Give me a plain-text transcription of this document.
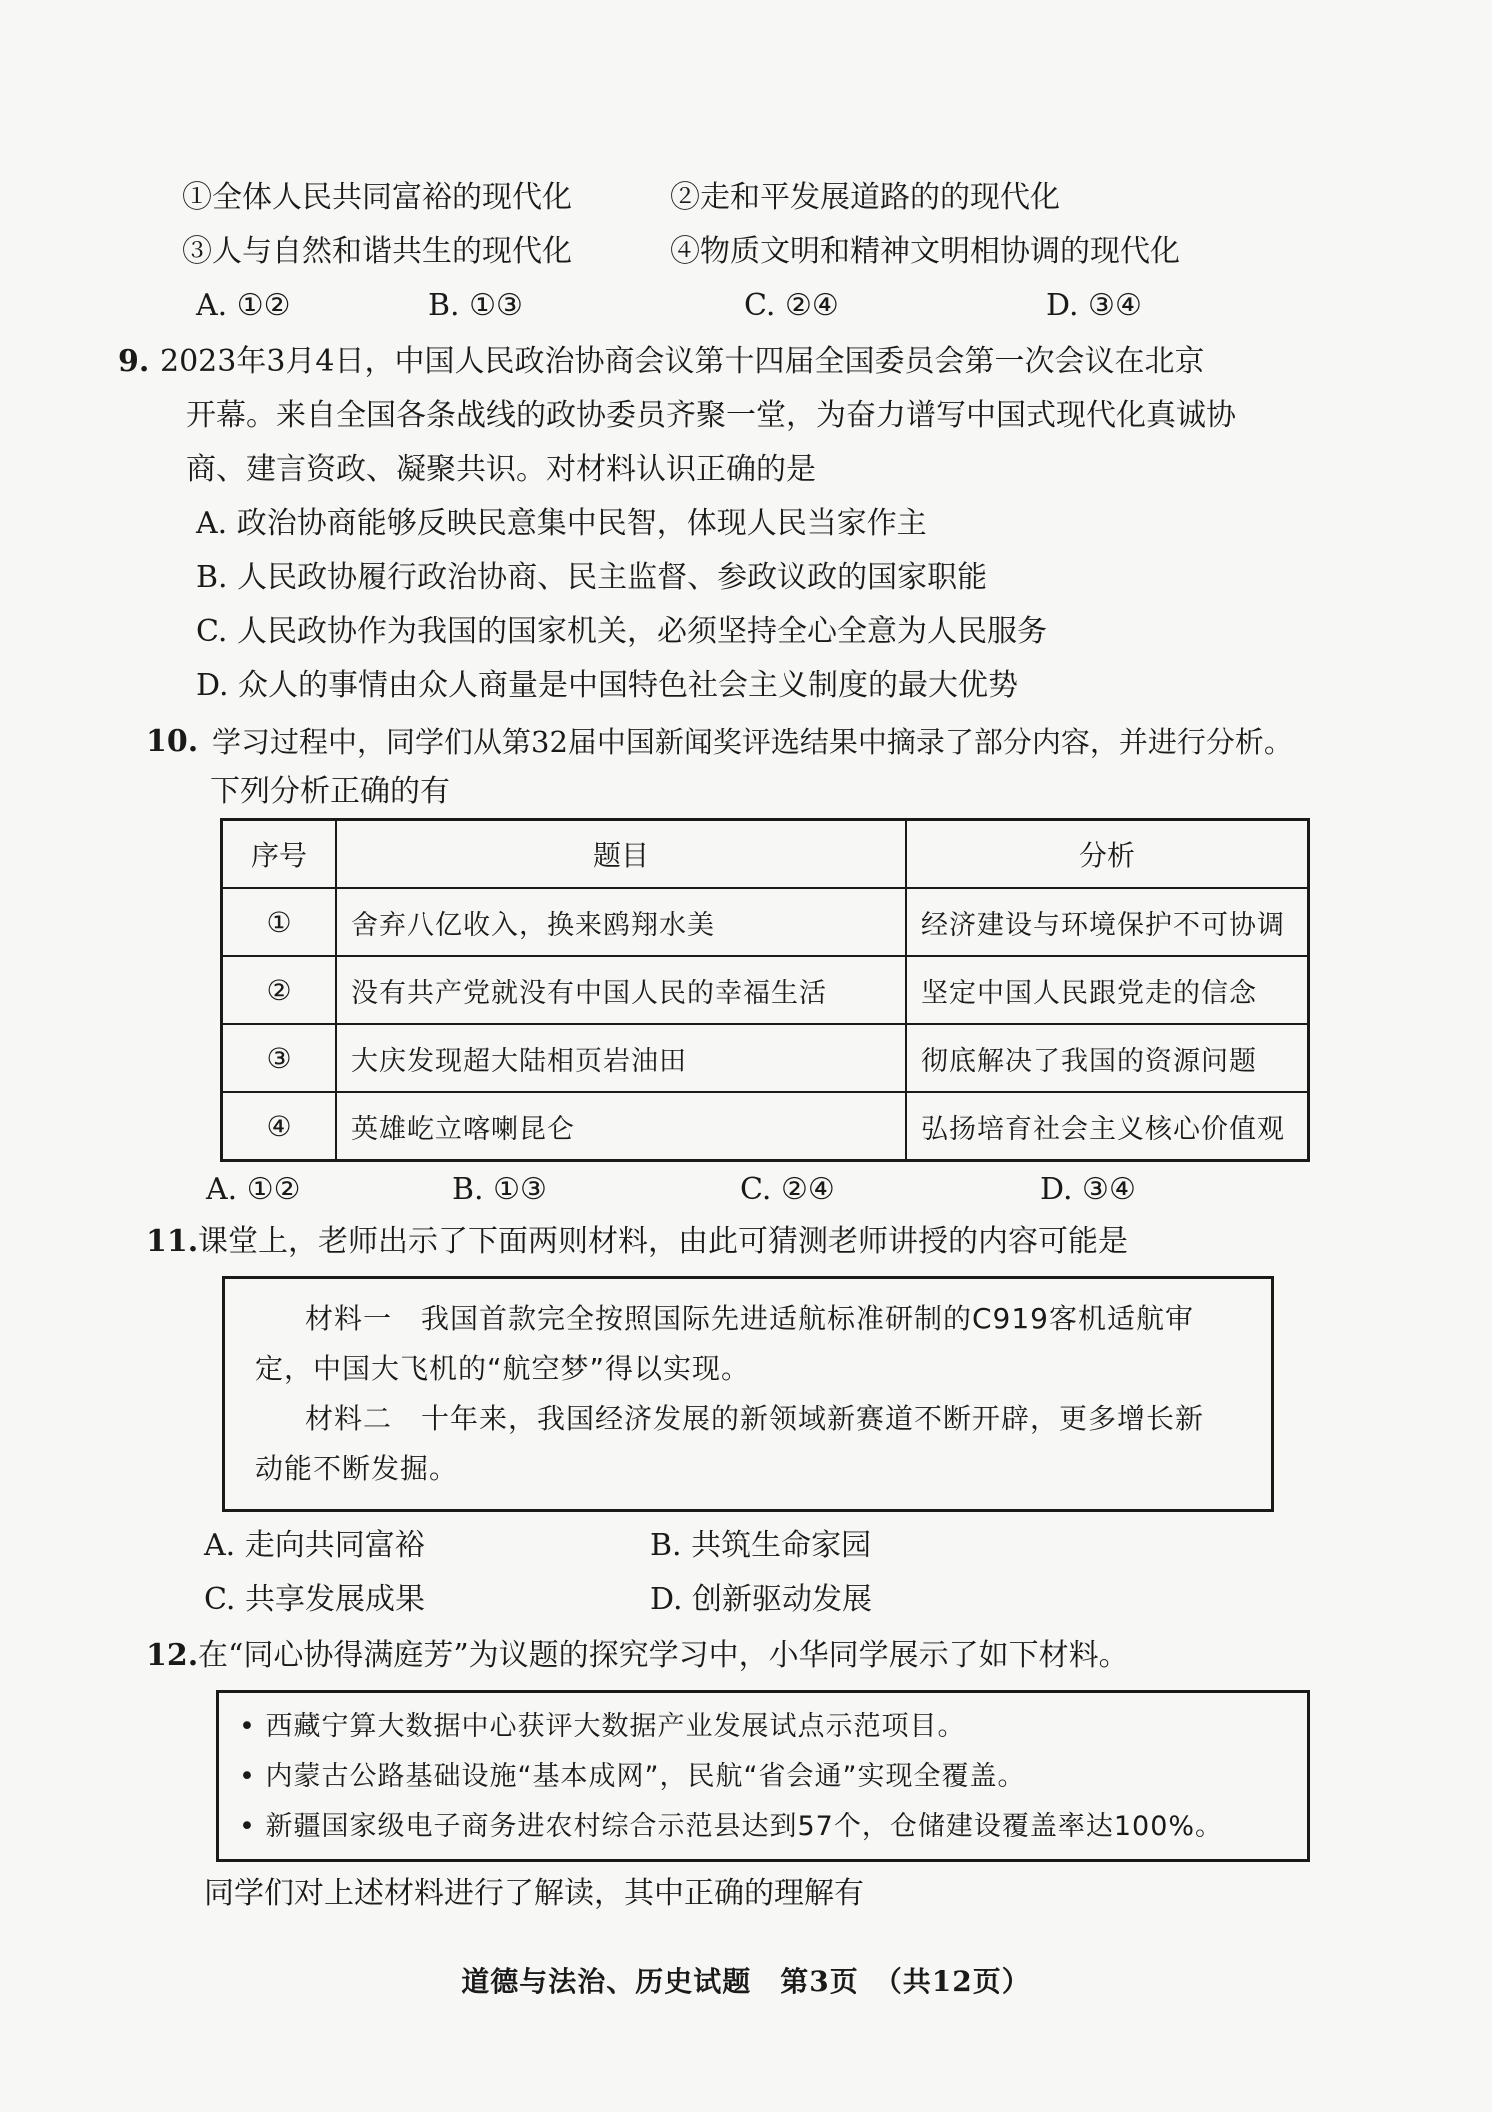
①全体人民共同富裕的现代化	②走和平发展道路的的现代化
③人与自然和谐共生的现代化	④物质文明和精神文明相协调的现代化
A. ①②	B. ①③	C. ②④	D. ③④
9. 2023年3月4日，中国人民政治协商会议第十四届全国委员会第一次会议在北京
开幕。来自全国各条战线的政协委员齐聚一堂，为奋力谱写中国式现代化真诚协
商、建言资政、凝聚共识。对材料认识正确的是
A. 政治协商能够反映民意集中民智，体现人民当家作主
B. 人民政协履行政治协商、民主监督、参政议政的国家职能
C. 人民政协作为我国的国家机关，必须坚持全心全意为人民服务
D. 众人的事情由众人商量是中国特色社会主义制度的最大优势
10. 学习过程中，同学们从第32届中国新闻奖评选结果中摘录了部分内容，并进行分析。
下列分析正确的有
序号	题目	分析
①	舍弃八亿收入，换来鸥翔水美	经济建设与环境保护不可协调
②	没有共产党就没有中国人民的幸福生活	坚定中国人民跟党走的信念
③	大庆发现超大陆相页岩油田	彻底解决了我国的资源问题
④	英雄屹立喀喇昆仑	弘扬培育社会主义核心价值观
A. ①②	B. ①③	C. ②④	D. ③④
11. 课堂上，老师出示了下面两则材料，由此可猜测老师讲授的内容可能是
材料一　我国首款完全按照国际先进适航标准研制的C919客机适航审
定，中国大飞机的“航空梦”得以实现。
材料二　十年来，我国经济发展的新领域新赛道不断开辟，更多增长新
动能不断发掘。
A. 走向共同富裕	B. 共筑生命家园
C. 共享发展成果	D. 创新驱动发展
12. 在“同心协得满庭芳”为议题的探究学习中，小华同学展示了如下材料。
• 西藏宁算大数据中心获评大数据产业发展试点示范项目。
• 内蒙古公路基础设施“基本成网”，民航“省会通”实现全覆盖。
• 新疆国家级电子商务进农村综合示范县达到57个，仓储建设覆盖率达100%。
同学们对上述材料进行了解读，其中正确的理解有
道德与法治、历史试题　第3页　（共12页）
